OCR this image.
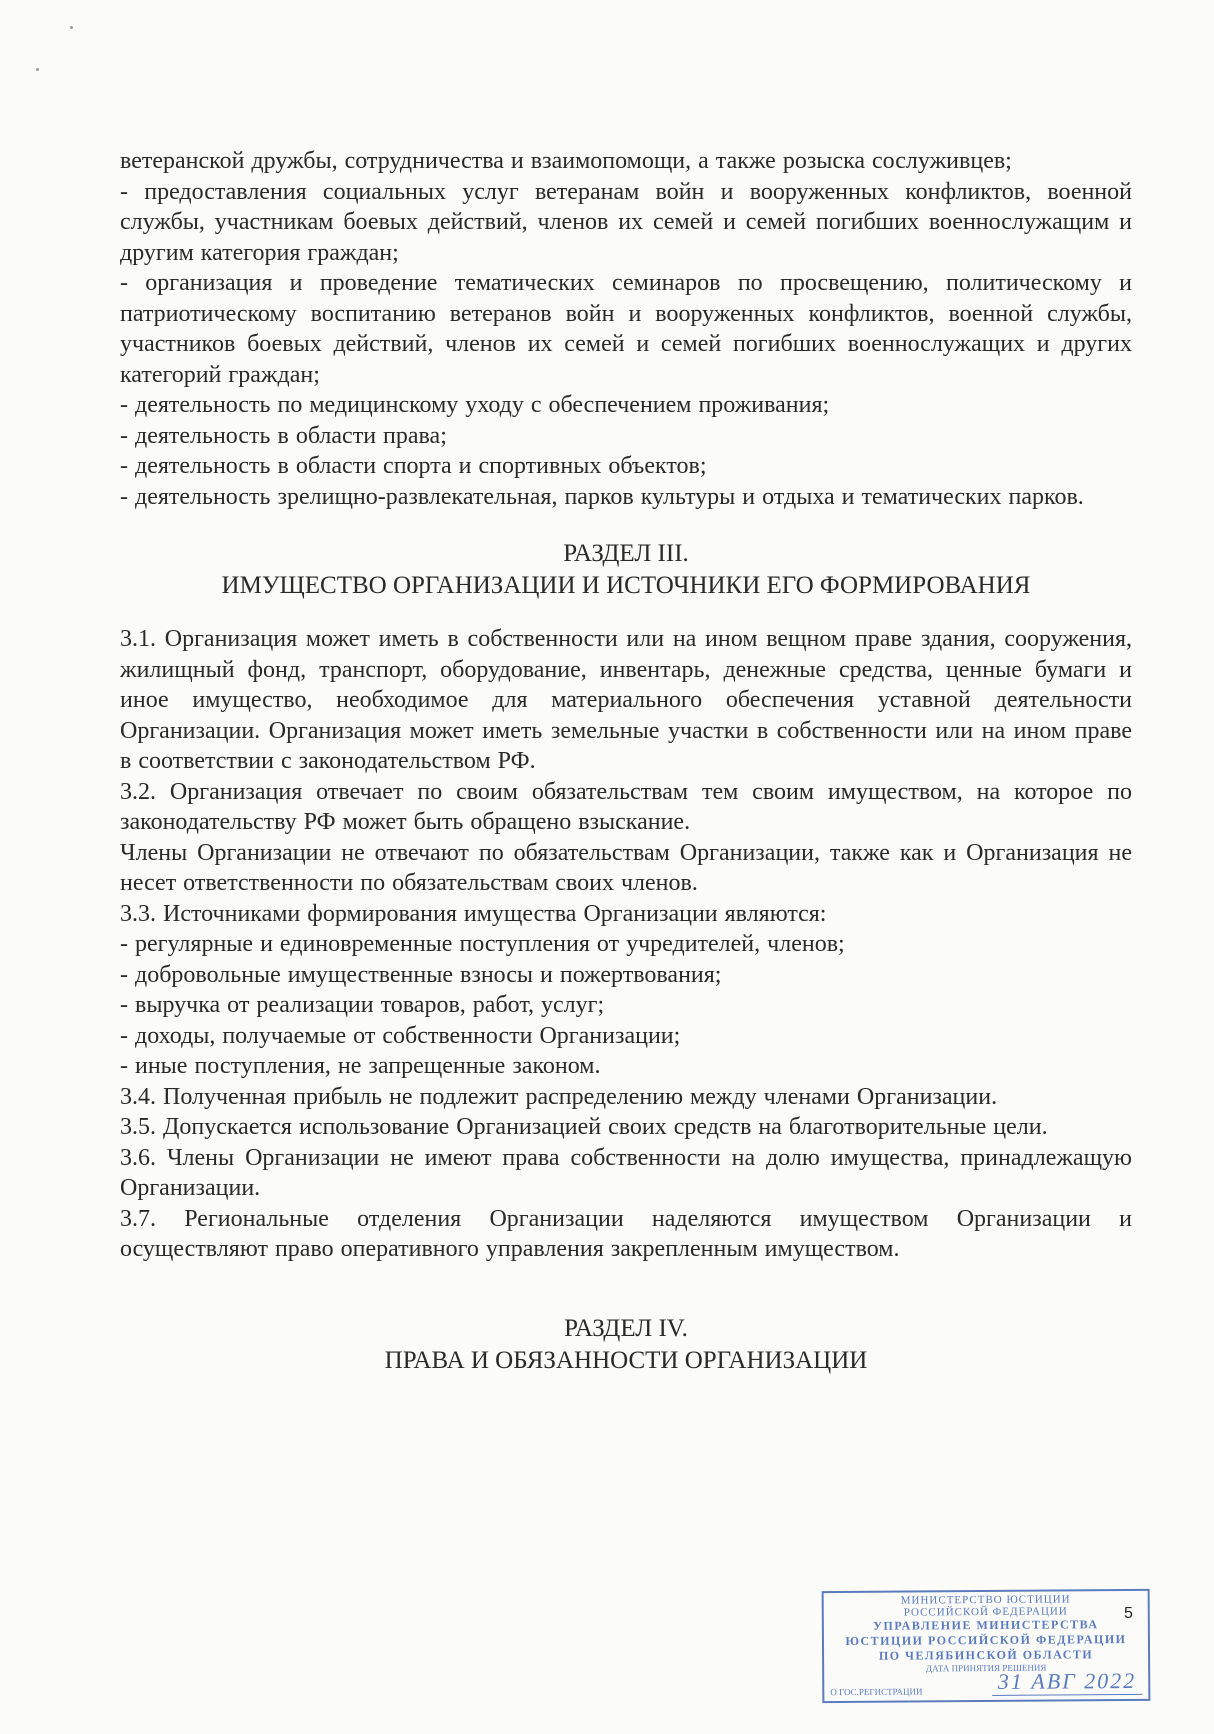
ветеранской дружбы, сотрудничества и взаимопомощи, а также розыска сослуживцев;

- предоставления социальных услуг ветеранам войн и вооруженных конфликтов, военной службы, участникам боевых действий, членов их семей и семей погибших военнослужащим и другим категория граждан;

- организация и проведение тематических семинаров по просвещению, политическому и патриотическому воспитанию ветеранов войн и вооруженных конфликтов, военной службы, участников боевых действий, членов их семей и семей погибших военнослужащих и других категорий граждан;

- деятельность по медицинскому уходу с обеспечением проживания;

- деятельность в области права;

- деятельность в области спорта и спортивных объектов;

- деятельность зрелищно-развлекательная, парков культуры и отдыха и тематических парков.

РАЗДЕЛ III.

ИМУЩЕСТВО ОРГАНИЗАЦИИ И ИСТОЧНИКИ ЕГО ФОРМИРОВАНИЯ

3.1. Организация может иметь в собственности или на ином вещном праве здания, сооружения, жилищный фонд, транспорт, оборудование, инвентарь, денежные средства, ценные бумаги и иное имущество, необходимое для материального обеспечения уставной деятельности Организации. Организация может иметь земельные участки в собственности или на ином праве в соответствии с законодательством РФ.

3.2. Организация отвечает по своим обязательствам тем своим имуществом, на которое по законодательству РФ может быть обращено взыскание.

Члены Организации не отвечают по обязательствам Организации, также как и Организация не несет ответственности по обязательствам своих членов.

3.3. Источниками формирования имущества Организации являются:

- регулярные и единовременные поступления от учредителей, членов;

- добровольные имущественные взносы и пожертвования;

- выручка от реализации товаров, работ, услуг;

- доходы, получаемые от собственности Организации;

- иные поступления, не запрещенные законом.

3.4. Полученная прибыль не подлежит распределению между членами Организации.

3.5. Допускается использование Организацией своих средств на благотворительные цели.

3.6. Члены Организации не имеют права собственности на долю имущества, принадлежащую Организации.

3.7. Региональные отделения Организации наделяются имуществом Организации и осуществляют право оперативного управления закрепленным имуществом.

РАЗДЕЛ IV.

ПРАВА И ОБЯЗАННОСТИ ОРГАНИЗАЦИИ

МИНИСТЕРСТВО ЮСТИЦИИ
РОССИЙСКОЙ ФЕДЕРАЦИИ
УПРАВЛЕНИЕ МИНИСТЕРСТВА
ЮСТИЦИИ РОССИЙСКОЙ ФЕДЕРАЦИИ
ПО ЧЕЛЯБИНСКОЙ ОБЛАСТИ
ДАТА ПРИНЯТИЯ РЕШЕНИЯ
О ГОС.РЕГИСТРАЦИИ	31 АВГ 2022
5
